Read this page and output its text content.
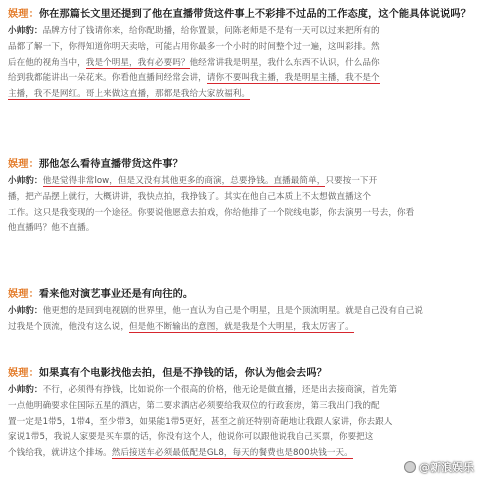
娱理：你在那篇长文里还提到了他在直播带货这件事上不彩排不过品的工作态度，这个能具体说说吗？
小帅豹：品牌方付了钱请你来，给你配助播，给你置景，问陈老师是不是有一天可以过来把所有的
品都了解一下，你得知道你明天卖啥，可能占用你最多一个小时的时间整个过一遍，这叫彩排。然
后在他的视角当中，我是个明星，我有必要吗？他经常讲我是明星，我什么东西不认识，什么品你
给到我都能讲出一朵花来。你看他直播间经常会讲，请你不要叫我主播，我是明星主播，我不是个
主播，我不是网红。哥上来做这直播，那都是我给大家放福利。
娱理：那他怎么看待直播带货这件事？
小帅豹：他是觉得非常low，但是又没有其他更多的商演，总要挣钱。直播最简单，只要按一下开
播，把产品摆上就行，大概讲讲，我快点拍，我挣钱了。其实在他自己本质上不太想做直播这个
工作。这只是我变现的一个途径。你要说他愿意去拍戏，你给他排了一个院线电影，你去演男一号去，你看
他直播吗？他不直播。
娱理：看来他对演艺事业还是有向往的。
小帅豹：他更想的是回到电视剧的世界里，他一直认为自己是个明星，且是个顶流明星。就是自己没有自己说
过我是个顶流，他没有这么说，但是他不断输出的意图，就是我是个大明星，我太厉害了。
娱理：如果真有个电影找他去拍，但是不挣钱的话，你认为他会去吗？
小帅豹：不行，必须得有挣钱，比如说你一个很高的价格，他无论是做直播，还是出去接商演，首先第
一点他明确要求住国际五星的酒店，第二要求酒店必须要给我双位的行政套房，第三我出门我的配
置一定是1带5，1带4，至少带3，如果能1带5更好，甚至之前还特别奇葩地让我跟人家讲，你去跟人
家说1带5，我说人家要是买车票的话，你没有这个人，他说你可以跟他说我自己买票，你要把这
个钱给我，就讲这个排场。然后接送车必须最低配是GL8，每天的餐费也是800块钱一天。
@新浪娱乐
